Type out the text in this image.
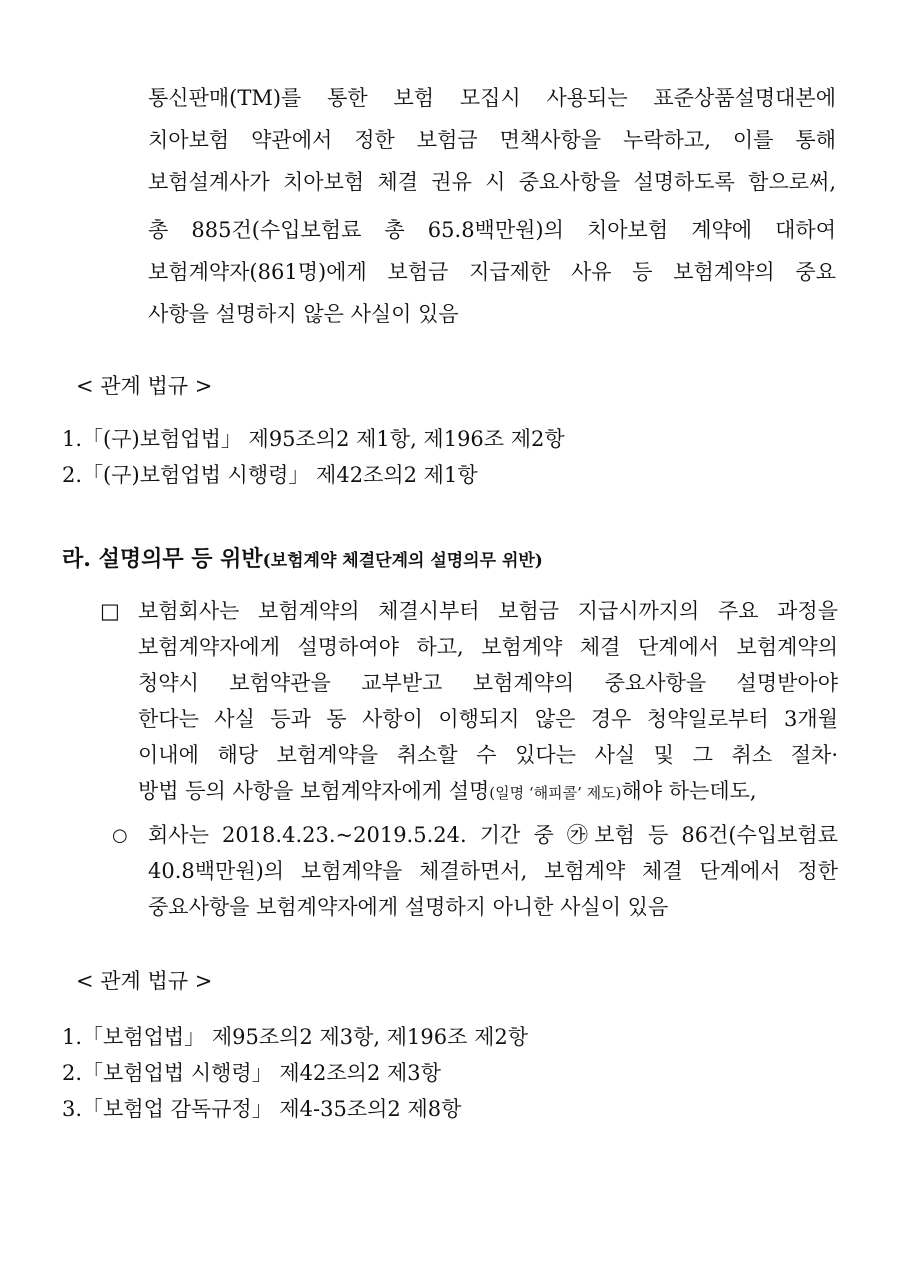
통신판매(TM)를 통한 보험 모집시 사용되는 표준상품설명대본에
치아보험 약관에서 정한 보험금 면책사항을 누락하고, 이를 통해
보험설계사가 치아보험 체결 권유 시 중요사항을 설명하도록 함으로써,
총 885건(수입보험료 총 65.8백만원)의 치아보험 계약에 대하여
보험계약자(861명)에게 보험금 지급제한 사유 등 보험계약의 중요
사항을 설명하지 않은 사실이 있음
< 관계 법규 >
1.「(구)보험업법」 제95조의2 제1항, 제196조 제2항
2.「(구)보험업법 시행령」 제42조의2 제1항
라. 설명의무 등 위반(보험계약 체결단계의 설명의무 위반)
□ 보험회사는 보험계약의 체결시부터 보험금 지급시까지의 주요 과정을
보험계약자에게 설명하여야 하고, 보험계약 체결 단계에서 보험계약의
청약시 보험약관을 교부받고 보험계약의 중요사항을 설명받아야
한다는 사실 등과 동 사항이 이행되지 않은 경우 청약일로부터 3개월
이내에 해당 보험계약을 취소할 수 있다는 사실 및 그 취소 절차·
방법 등의 사항을 보험계약자에게 설명(일명 ‘해피콜’ 제도)해야 하는데도,
○ 회사는 2018.4.23.~2019.5.24. 기간 중 ㉮보험 등 86건(수입보험료
40.8백만원)의 보험계약을 체결하면서, 보험계약 체결 단계에서 정한
중요사항을 보험계약자에게 설명하지 아니한 사실이 있음
< 관계 법규 >
1.「보험업법」 제95조의2 제3항, 제196조 제2항
2.「보험업법 시행령」 제42조의2 제3항
3.「보험업 감독규정」 제4-35조의2 제8항
